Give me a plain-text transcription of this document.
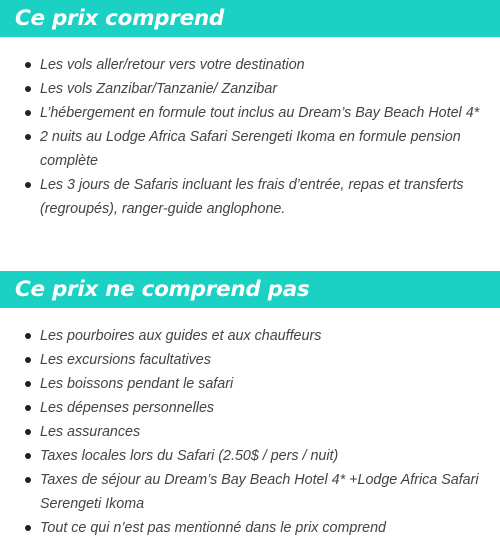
Ce prix comprend
Les vols aller/retour vers votre destination
Les vols Zanzibar/Tanzanie/ Zanzibar
L’hébergement en formule tout inclus au Dream’s Bay Beach Hotel 4*
2 nuits au Lodge Africa Safari Serengeti Ikoma en formule pension complète
Les 3 jours de Safaris incluant les frais d’entrée, repas et transferts (regroupés), ranger-guide anglophone.
Ce prix ne comprend pas
Les pourboires aux guides et aux chauffeurs
Les excursions facultatives
Les boissons pendant le safari
Les dépenses personnelles
Les assurances
Taxes locales lors du Safari (2.50$ / pers / nuit)
Taxes de séjour au Dream’s Bay Beach Hotel 4* +Lodge Africa Safari Serengeti Ikoma
Tout ce qui n’est pas mentionné dans le prix comprend
